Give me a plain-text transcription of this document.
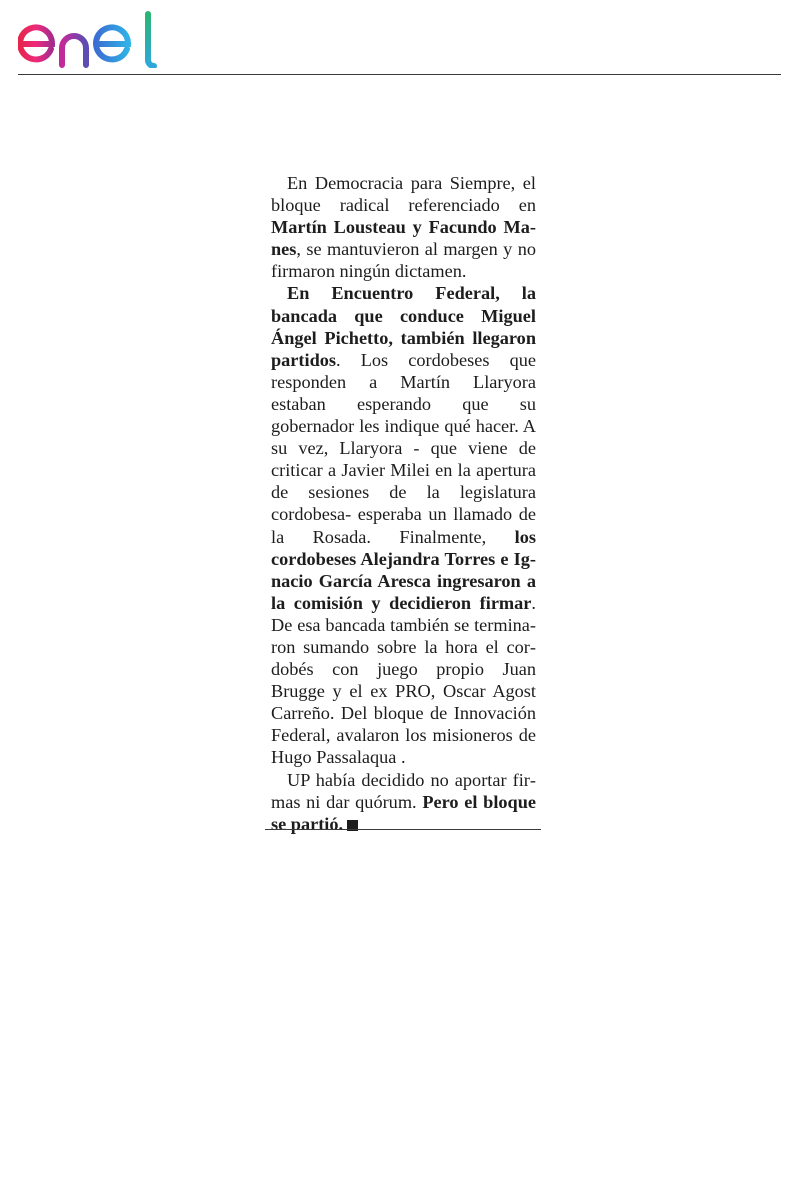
En Democracia para Siempre, el bloque radical referenciado en Martín Lousteau y Facundo Manes, se mantuvieron al margen y no firmaron ningún dictamen.

En Encuentro Federal, la bancada que conduce Miguel Ángel Pichetto, también llegaron partidos. Los cordobeses que responden a Martín Llaryora estaban esperando que su gobernador les indique qué hacer. A su vez, Llaryora - que viene de criticar a Javier Milei en la apertura de sesiones de la legislatura cordobesa- esperaba un llamado de la Rosada. Finalmente, los cordobeses Alejandra Torres e Ignacio García Aresca ingresaron a la comisión y decidieron firmar. De esa bancada también se terminaron sumando sobre la hora el cordobés con juego propio Juan Brugge y el ex PRO, Oscar Agost Carreño. Del bloque de Innovación Federal, avalaron los misioneros de Hugo Passalaqua .

UP había decidido no aportar firmas ni dar quórum. Pero el bloque se partió.
